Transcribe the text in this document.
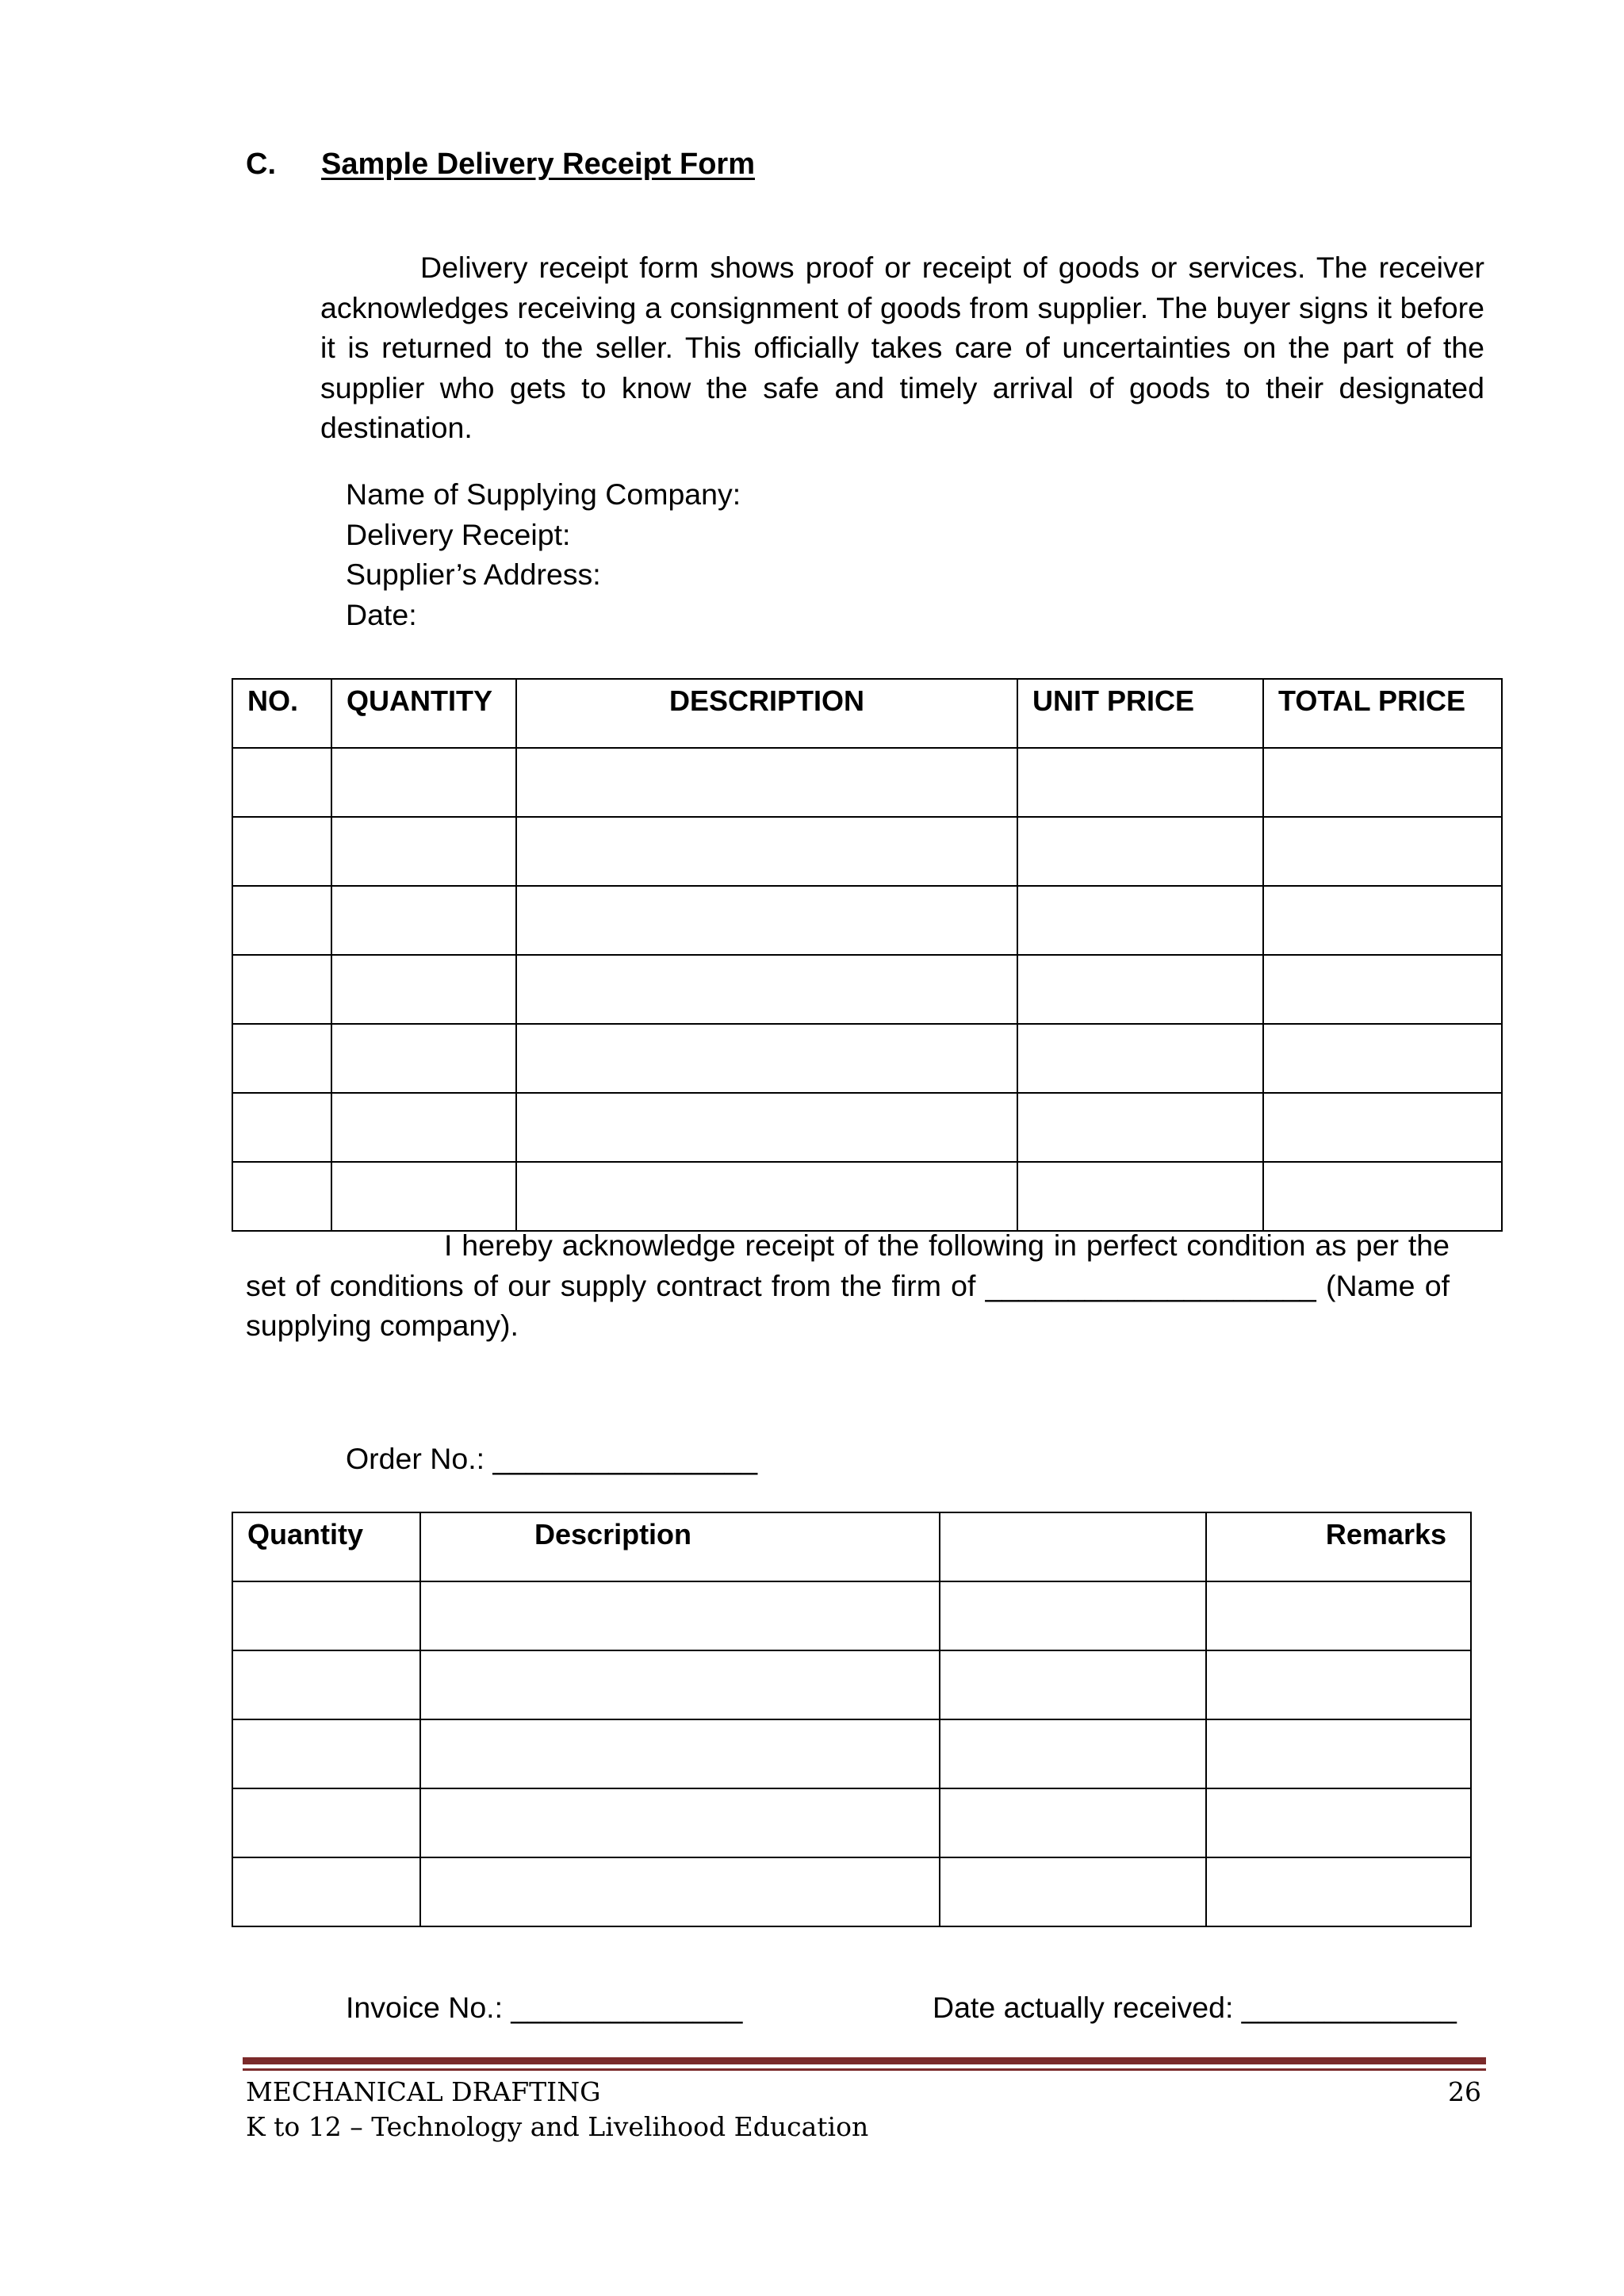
C.	Sample Delivery Receipt Form
Delivery receipt form shows proof or receipt of goods or services. The receiver acknowledges receiving a consignment of goods from supplier. The buyer signs it before it is returned to the seller. This officially takes care of uncertainties on the part of the supplier who gets to know the safe and timely arrival of goods to their designated destination.
Name of Supplying Company:
Delivery Receipt:
Supplier’s Address:
Date:
NO.	QUANTITY	DESCRIPTION	UNIT PRICE	TOTAL PRICE

I hereby acknowledge receipt of the following in perfect condition as per the set of conditions of our supply contract from the firm of ____________________ (Name of supplying company).
Order No.: ________________
Quantity	Description		Remarks

Invoice No.: ______________	Date actually received: _____________
MECHANICAL DRAFTING
K to 12 – Technology and Livelihood Education
26
